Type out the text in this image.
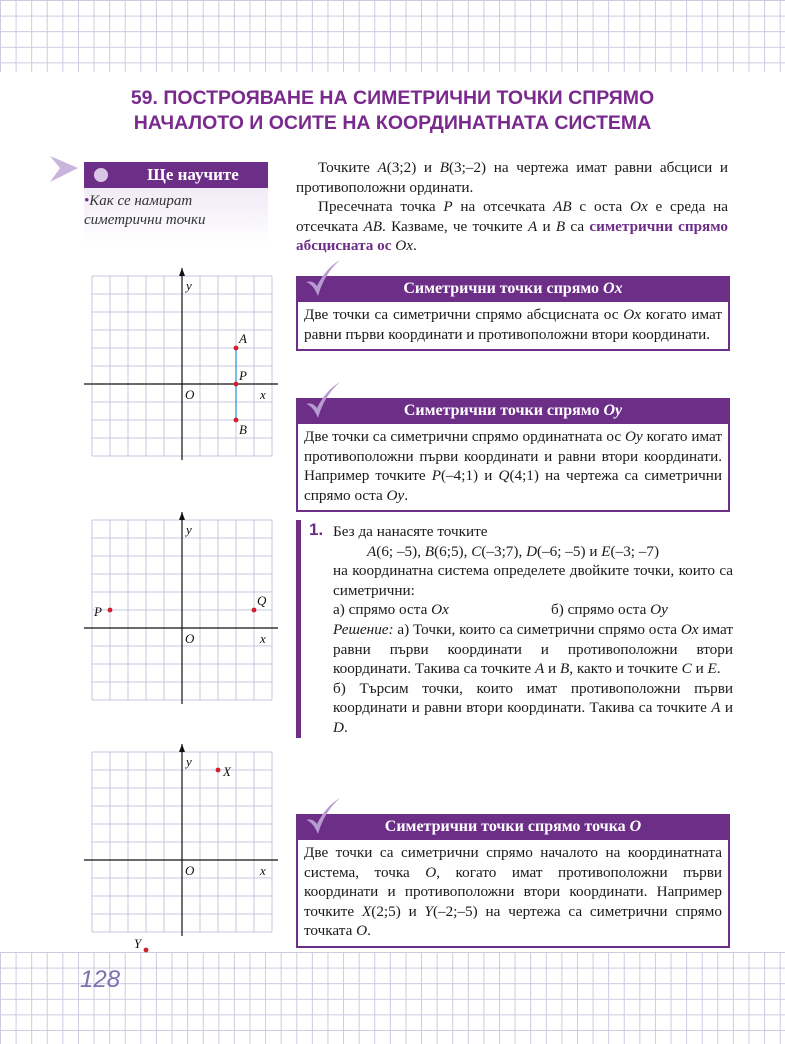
59. ПОСТРОЯВАНЕ НА СИМЕТРИЧНИ ТОЧКИ СПРЯМО
НАЧАЛОТО И ОСИТЕ НА КООРДИНАТНАТА СИСТЕМА
Ще научите
•Как се намират симетрични точки

Точките A(3;2) и B(3;–2) на чертежа имат равни абсциси и противоположни ординати.

Пресечната точка P на отсечката AB с оста Ox е среда на отсечката AB. Казваме, че точките A и B са симетрични спрямо абсцисната ос Ox.

Симетрични точки спрямо Ox
Две точки са симетрични спрямо абсцисната ос Ox когато имат равни първи координати и противоположни втори координати.
Симетрични точки спрямо Oy
Две точки са симетрични спрямо ординатната ос Oy когато имат противоположни първи координати и равни втори координати. Например точките P(–4;1) и Q(4;1) на чертежа са симетрични спрямо оста Oy.
1. Без да нанасяте точките
A(6; –5), B(6;5), C(–3;7), D(–6; –5) и E(–3; –7)
на координатна система определете двойките точки, които са симетрични:
а) спрямо оста Ox	б) спрямо оста Oy
Решение: а) Точки, които са симетрични спрямо оста Ox имат равни първи координати и противоположни втори координати. Такива са точките A и B, както и точките C и E.
б) Търсим точки, които имат противоположни първи координати и равни втори координати. Такива са точките A и D.
Симетрични точки спрямо точка O
Две точки са симетрични спрямо началото на координатната система, точка O, когато имат противоположни първи координати и противоположни втори координати. Например точките X(2;5) и Y(–2;–5) на чертежа са симетрични спрямо точката O.
x
y
O
A
P
B
x
y
O
P
Q
x
y
O
X
Y
128
